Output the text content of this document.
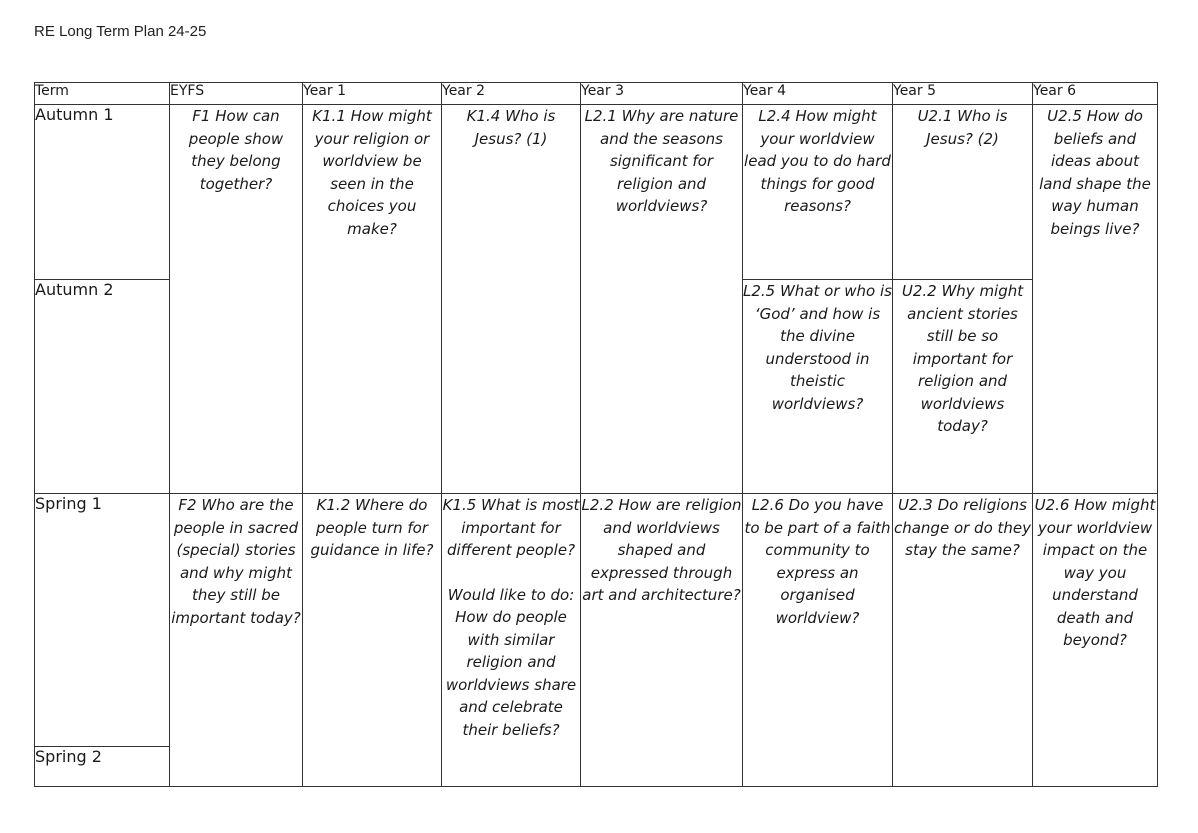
RE Long Term Plan 24-25
Term	EYFS	Year 1	Year 2	Year 3	Year 4	Year 5	Year 6
Autumn 1	F1 How can people show they belong together?	K1.1 How might your religion or worldview be seen in the choices you make?	K1.4 Who is Jesus? (1)	L2.1 Why are nature and the seasons significant for religion and worldviews?	L2.4 How might your worldview lead you to do hard things for good reasons?	U2.1 Who is Jesus? (2)	U2.5 How do beliefs and ideas about land shape the way human beings live?
Autumn 2					L2.5 What or who is ‘God’ and how is the divine understood in theistic worldviews?	U2.2 Why might ancient stories still be so important for religion and worldviews today?	
Spring 1	F2 Who are the people in sacred (special) stories and why might they still be important today?	K1.2 Where do people turn for guidance in life?	K1.5 What is most important for different people?
Would like to do: How do people with similar religion and worldviews share and celebrate their beliefs?	L2.2 How are religion and worldviews shaped and expressed through art and architecture?	L2.6 Do you have to be part of a faith community to express an organised worldview?	U2.3 Do religions change or do they stay the same?	U2.6 How might your worldview impact on the way you understand death and beyond?
Spring 2							
